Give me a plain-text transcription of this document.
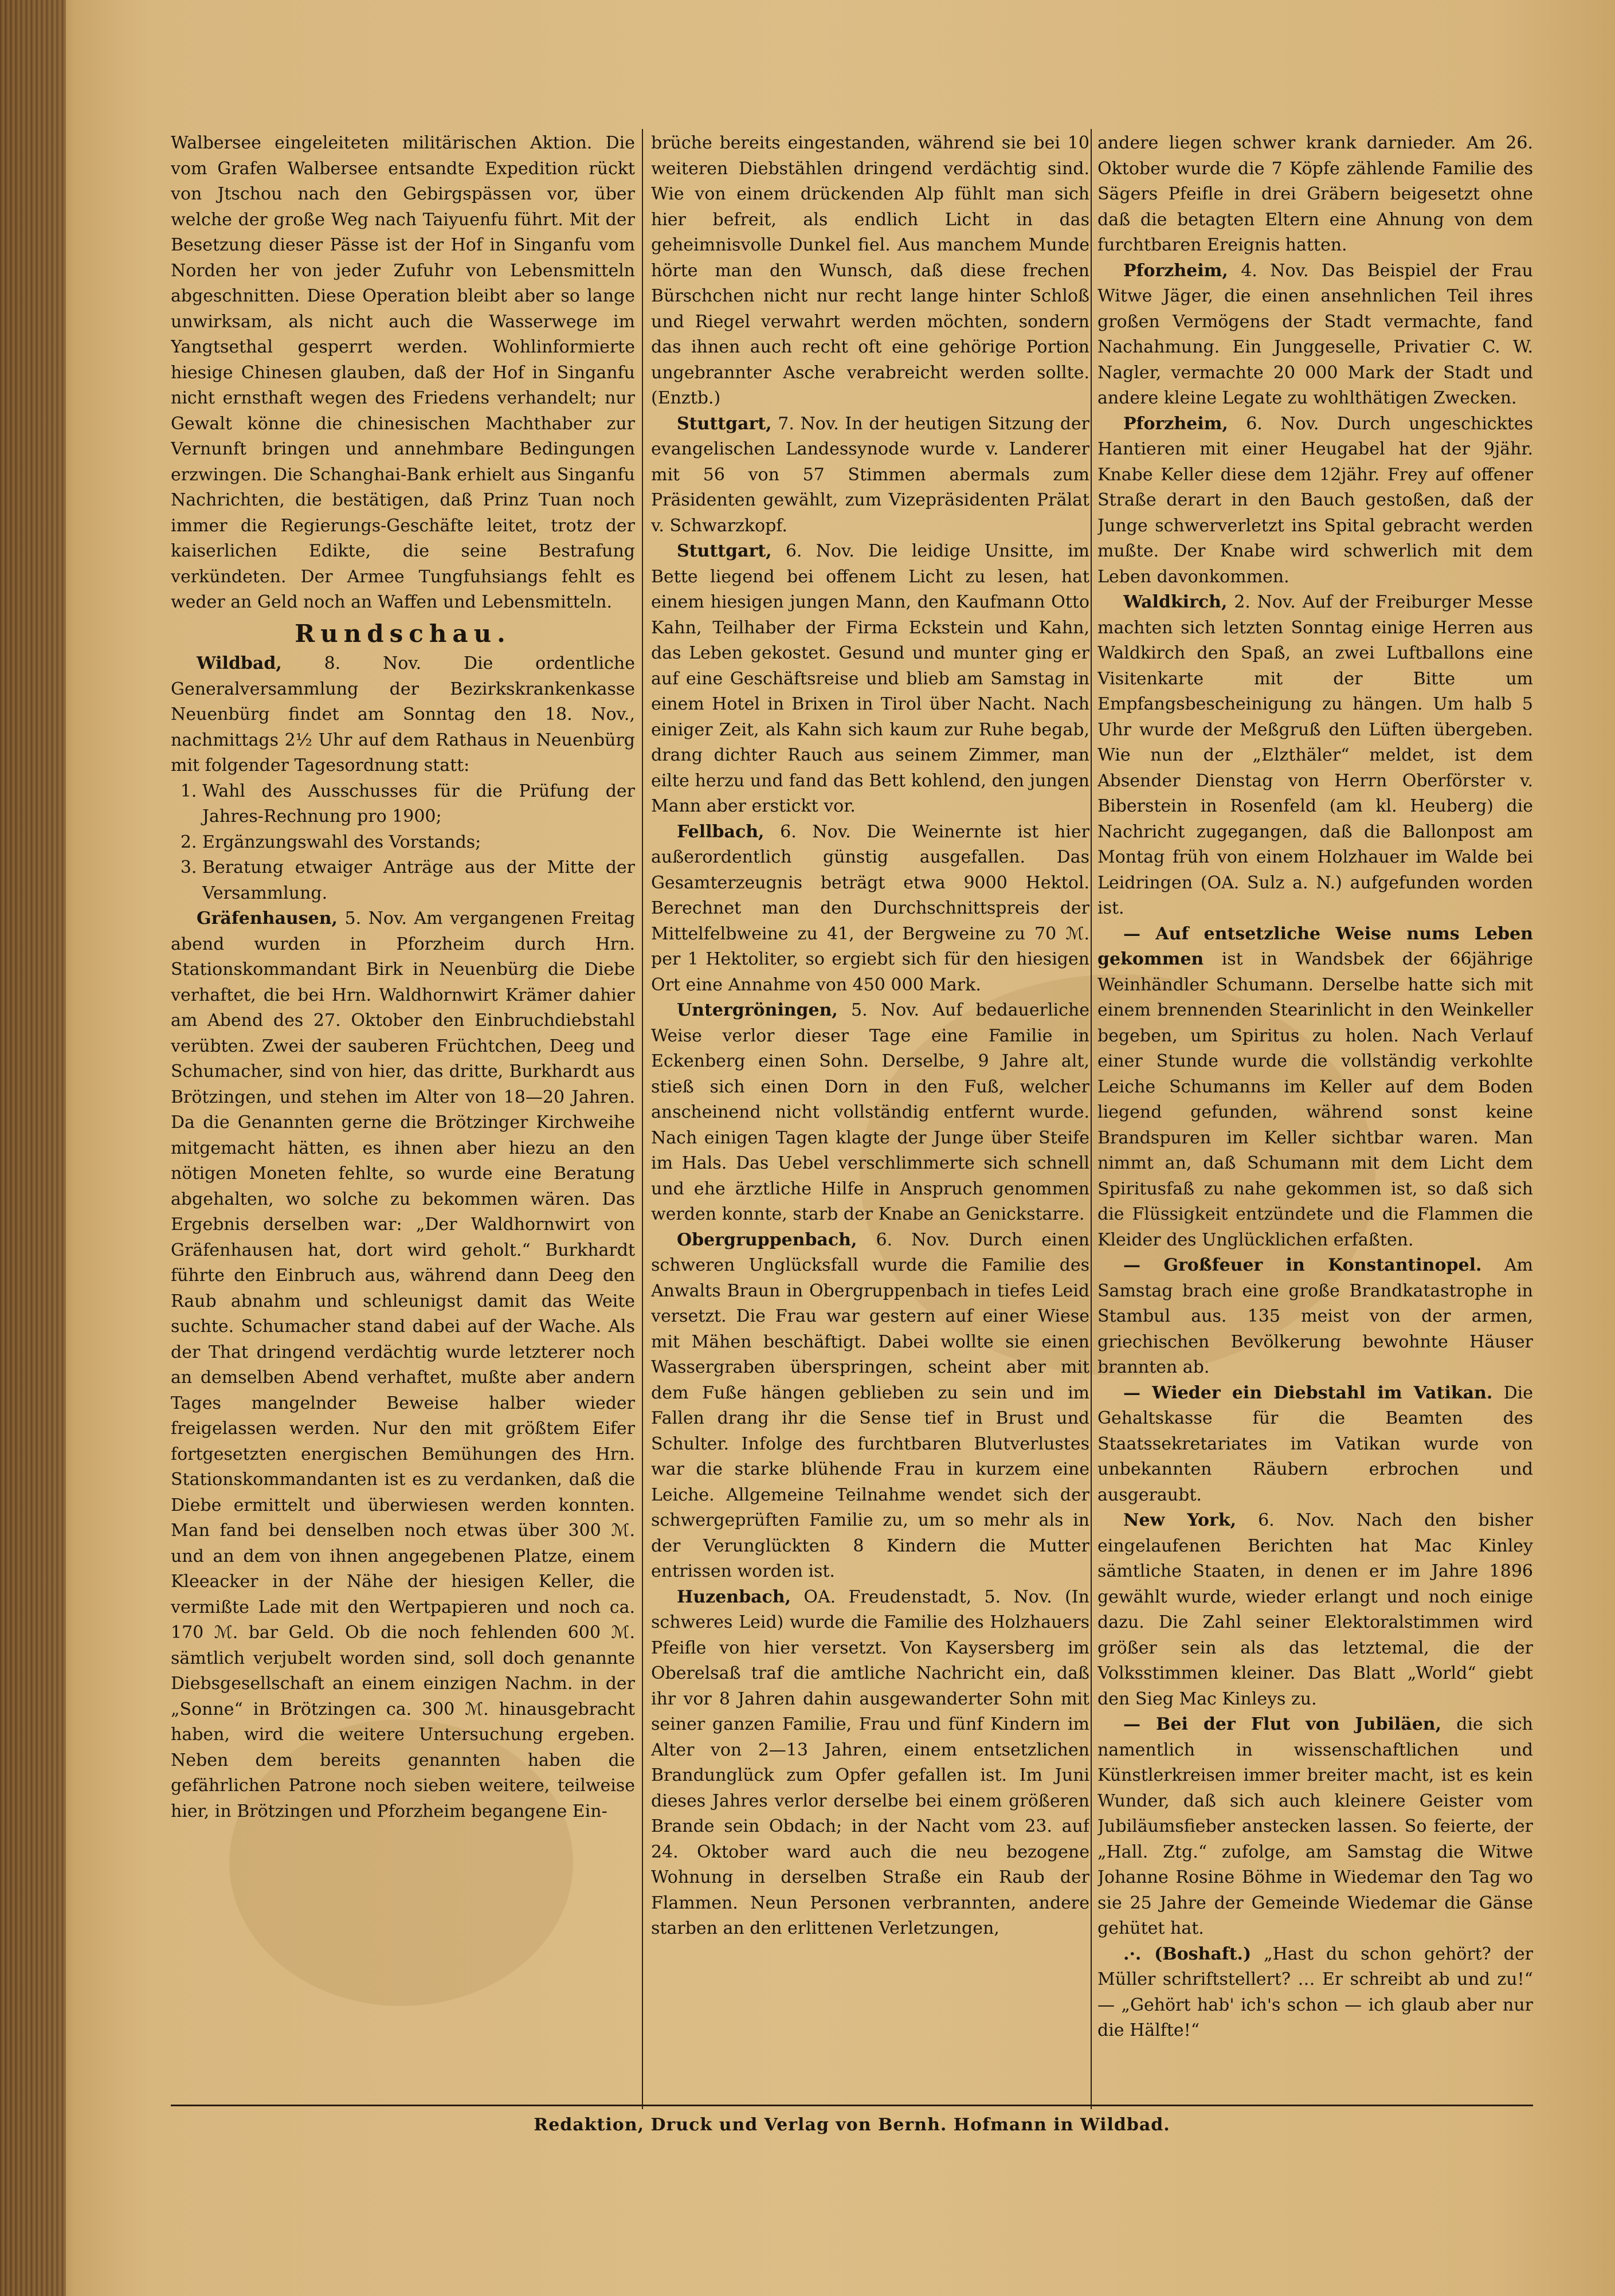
Walbersee eingeleiteten militärischen Aktion. Die vom Grafen Walbersee entsandte Expedition rückt von Jtschou nach den Gebirgspässen vor, über welche der große Weg nach Taiyuenfu führt. Mit der Besetzung dieser Pässe ist der Hof in Singanfu vom Norden her von jeder Zufuhr von Lebensmitteln abgeschnitten. Diese Operation bleibt aber so lange unwirksam, als nicht auch die Wasserwege im Yangtsethal gesperrt werden. Wohlinformierte hiesige Chinesen glauben, daß der Hof in Singanfu nicht ernsthaft wegen des Friedens verhandelt; nur Gewalt könne die chinesischen Machthaber zur Vernunft bringen und annehmbare Bedingungen erzwingen. Die Schanghai-Bank erhielt aus Singanfu Nachrichten, die bestätigen, daß Prinz Tuan noch immer die Regierungs-Geschäfte leitet, trotz der kaiserlichen Edikte, die seine Bestrafung verkündeten. Der Armee Tungfuhsiangs fehlt es weder an Geld noch an Waffen und Lebensmitteln.

Rundschau.

Wildbad, 8. Nov. Die ordentliche Generalversammlung der Bezirkskrankenkasse Neuenbürg findet am Sonntag den 18. Nov., nachmittags 2½ Uhr auf dem Rathaus in Neuenbürg mit folgender Tagesordnung statt:

1. Wahl des Ausschusses für die Prüfung der Jahres-Rechnung pro 1900;
2. Ergänzungswahl des Vorstands;
3. Beratung etwaiger Anträge aus der Mitte der Versammlung.

Gräfenhausen, 5. Nov. Am vergangenen Freitag abend wurden in Pforzheim durch Hrn. Stationskommandant Birk in Neuenbürg die Diebe verhaftet, die bei Hrn. Waldhornwirt Krämer dahier am Abend des 27. Oktober den Einbruchdiebstahl verübten. Zwei der sauberen Früchtchen, Deeg und Schumacher, sind von hier, das dritte, Burkhardt aus Brötzingen, und stehen im Alter von 18—20 Jahren. Da die Genannten gerne die Brötzinger Kirchweihe mitgemacht hätten, es ihnen aber hiezu an den nötigen Moneten fehlte, so wurde eine Beratung abgehalten, wo solche zu bekommen wären. Das Ergebnis derselben war: „Der Waldhornwirt von Gräfenhausen hat, dort wird geholt.“ Burkhardt führte den Einbruch aus, während dann Deeg den Raub abnahm und schleunigst damit das Weite suchte. Schumacher stand dabei auf der Wache. Als der That dringend verdächtig wurde letzterer noch an demselben Abend verhaftet, mußte aber andern Tages mangelnder Beweise halber wieder freigelassen werden. Nur den mit größtem Eifer fortgesetzten energischen Bemühungen des Hrn. Stationskommandanten ist es zu verdanken, daß die Diebe ermittelt und überwiesen werden konnten. Man fand bei denselben noch etwas über 300 ℳ. und an dem von ihnen angegebenen Platze, einem Kleeacker in der Nähe der hiesigen Keller, die vermißte Lade mit den Wertpapieren und noch ca. 170 ℳ. bar Geld. Ob die noch fehlenden 600 ℳ. sämtlich verjubelt worden sind, soll doch genannte Diebsgesellschaft an einem einzigen Nachm. in der „Sonne“ in Brötzingen ca. 300 ℳ. hinausgebracht haben, wird die weitere Untersuchung ergeben. Neben dem bereits genannten haben die gefährlichen Patrone noch sieben weitere, teilweise hier, in Brötzingen und Pforzheim begangene Ein-

brüche bereits eingestanden, während sie bei 10 weiteren Diebstählen dringend verdächtig sind. Wie von einem drückenden Alp fühlt man sich hier befreit, als endlich Licht in das geheimnisvolle Dunkel fiel. Aus manchem Munde hörte man den Wunsch, daß diese frechen Bürschchen nicht nur recht lange hinter Schloß und Riegel verwahrt werden möchten, sondern das ihnen auch recht oft eine gehörige Portion ungebrannter Asche verabreicht werden sollte. (Enztb.)

Stuttgart, 7. Nov. In der heutigen Sitzung der evangelischen Landessynode wurde v. Landerer mit 56 von 57 Stimmen abermals zum Präsidenten gewählt, zum Vizepräsidenten Prälat v. Schwarzkopf.

Stuttgart, 6. Nov. Die leidige Unsitte, im Bette liegend bei offenem Licht zu lesen, hat einem hiesigen jungen Mann, den Kaufmann Otto Kahn, Teilhaber der Firma Eckstein und Kahn, das Leben gekostet. Gesund und munter ging er auf eine Geschäftsreise und blieb am Samstag in einem Hotel in Brixen in Tirol über Nacht. Nach einiger Zeit, als Kahn sich kaum zur Ruhe begab, drang dichter Rauch aus seinem Zimmer, man eilte herzu und fand das Bett kohlend, den jungen Mann aber erstickt vor.

Fellbach, 6. Nov. Die Weinernte ist hier außerordentlich günstig ausgefallen. Das Gesamterzeugnis beträgt etwa 9000 Hektol. Berechnet man den Durchschnittspreis der Mittelfelbweine zu 41, der Bergweine zu 70 ℳ. per 1 Hektoliter, so ergiebt sich für den hiesigen Ort eine Annahme von 450 000 Mark.

Untergröningen, 5. Nov. Auf bedauerliche Weise verlor dieser Tage eine Familie in Eckenberg einen Sohn. Derselbe, 9 Jahre alt, stieß sich einen Dorn in den Fuß, welcher anscheinend nicht vollständig entfernt wurde. Nach einigen Tagen klagte der Junge über Steife im Hals. Das Uebel verschlimmerte sich schnell und ehe ärztliche Hilfe in Anspruch genommen werden konnte, starb der Knabe an Genickstarre.

Obergruppenbach, 6. Nov. Durch einen schweren Unglücksfall wurde die Familie des Anwalts Braun in Obergruppenbach in tiefes Leid versetzt. Die Frau war gestern auf einer Wiese mit Mähen beschäftigt. Dabei wollte sie einen Wassergraben überspringen, scheint aber mit dem Fuße hängen geblieben zu sein und im Fallen drang ihr die Sense tief in Brust und Schulter. Infolge des furchtbaren Blutverlustes war die starke blühende Frau in kurzem eine Leiche. Allgemeine Teilnahme wendet sich der schwergeprüften Familie zu, um so mehr als in der Verunglückten 8 Kindern die Mutter entrissen worden ist.

Huzenbach, OA. Freudenstadt, 5. Nov. (In schweres Leid) wurde die Familie des Holzhauers Pfeifle von hier versetzt. Von Kaysersberg im Oberelsaß traf die amtliche Nachricht ein, daß ihr vor 8 Jahren dahin ausgewanderter Sohn mit seiner ganzen Familie, Frau und fünf Kindern im Alter von 2—13 Jahren, einem entsetzlichen Brandunglück zum Opfer gefallen ist. Im Juni dieses Jahres verlor derselbe bei einem größeren Brande sein Obdach; in der Nacht vom 23. auf 24. Oktober ward auch die neu bezogene Wohnung in derselben Straße ein Raub der Flammen. Neun Personen verbrannten, andere starben an den erlittenen Verletzungen,

andere liegen schwer krank darnieder. Am 26. Oktober wurde die 7 Köpfe zählende Familie des Sägers Pfeifle in drei Gräbern beigesetzt ohne daß die betagten Eltern eine Ahnung von dem furchtbaren Ereignis hatten.

Pforzheim, 4. Nov. Das Beispiel der Frau Witwe Jäger, die einen ansehnlichen Teil ihres großen Vermögens der Stadt vermachte, fand Nachahmung. Ein Junggeselle, Privatier C. W. Nagler, vermachte 20 000 Mark der Stadt und andere kleine Legate zu wohlthätigen Zwecken.

Pforzheim, 6. Nov. Durch ungeschicktes Hantieren mit einer Heugabel hat der 9jähr. Knabe Keller diese dem 12jähr. Frey auf offener Straße derart in den Bauch gestoßen, daß der Junge schwerverletzt ins Spital gebracht werden mußte. Der Knabe wird schwerlich mit dem Leben davonkommen.

Waldkirch, 2. Nov. Auf der Freiburger Messe machten sich letzten Sonntag einige Herren aus Waldkirch den Spaß, an zwei Luftballons eine Visitenkarte mit der Bitte um Empfangsbescheinigung zu hängen. Um halb 5 Uhr wurde der Meßgruß den Lüften übergeben. Wie nun der „Elzthäler“ meldet, ist dem Absender Dienstag von Herrn Oberförster v. Biberstein in Rosenfeld (am kl. Heuberg) die Nachricht zugegangen, daß die Ballonpost am Montag früh von einem Holzhauer im Walde bei Leidringen (OA. Sulz a. N.) aufgefunden worden ist.

— Auf entsetzliche Weise nums Leben gekommen ist in Wandsbek der 66jährige Weinhändler Schumann. Derselbe hatte sich mit einem brennenden Stearinlicht in den Weinkeller begeben, um Spiritus zu holen. Nach Verlauf einer Stunde wurde die vollständig verkohlte Leiche Schumanns im Keller auf dem Boden liegend gefunden, während sonst keine Brandspuren im Keller sichtbar waren. Man nimmt an, daß Schumann mit dem Licht dem Spiritusfaß zu nahe gekommen ist, so daß sich die Flüssigkeit entzündete und die Flammen die Kleider des Unglücklichen erfaßten.

— Großfeuer in Konstantinopel. Am Samstag brach eine große Brandkatastrophe in Stambul aus. 135 meist von der armen, griechischen Bevölkerung bewohnte Häuser brannten ab.

— Wieder ein Diebstahl im Vatikan. Die Gehaltskasse für die Beamten des Staatssekretariates im Vatikan wurde von unbekannten Räubern erbrochen und ausgeraubt.

New York, 6. Nov. Nach den bisher eingelaufenen Berichten hat Mac Kinley sämtliche Staaten, in denen er im Jahre 1896 gewählt wurde, wieder erlangt und noch einige dazu. Die Zahl seiner Elektoralstimmen wird größer sein als das letztemal, die der Volksstimmen kleiner. Das Blatt „World“ giebt den Sieg Mac Kinleys zu.

— Bei der Flut von Jubiläen, die sich namentlich in wissenschaftlichen und Künstlerkreisen immer breiter macht, ist es kein Wunder, daß sich auch kleinere Geister vom Jubiläumsfieber anstecken lassen. So feierte, der „Hall. Ztg.“ zufolge, am Samstag die Witwe Johanne Rosine Böhme in Wiedemar den Tag wo sie 25 Jahre der Gemeinde Wiedemar die Gänse gehütet hat.

.·. (Boshaft.) „Hast du schon gehört? der Müller schriftstellert? … Er schreibt ab und zu!“ — „Gehört hab' ich's schon — ich glaub aber nur die Hälfte!“

Redaktion, Druck und Verlag von Bernh. Hofmann in Wildbad.
